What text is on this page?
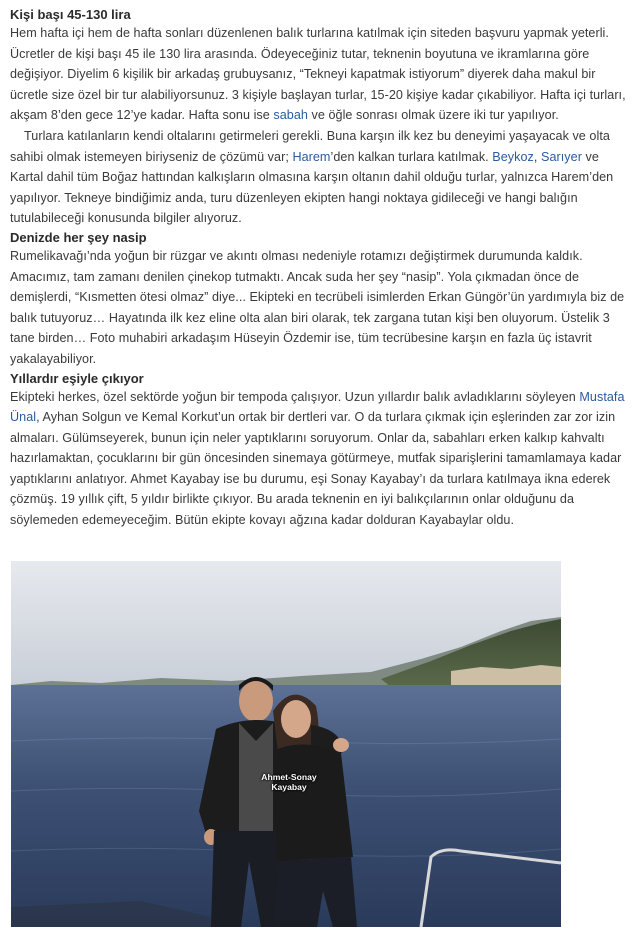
Kişi başı 45-130 lira

Hem hafta içi hem de hafta sonları düzenlenen balık turlarına katılmak için siteden başvuru yapmak yeterli. Ücretler de kişi başı 45 ile 130 lira arasında. Ödeyeceğiniz tutar, teknenin boyutuna ve ikramlarına göre değişiyor. Diyelim 6 kişilik bir arkadaş grubuysanız, “Tekneyi kapatmak istiyorum” diyerek daha makul bir ücretle size özel bir tur alabiliyorsunuz. 3 kişiyle başlayan turlar, 15-20 kişiye kadar çıkabiliyor. Hafta içi turları, akşam 8’den gece 12’ye kadar. Hafta sonu ise sabah ve öğle sonrası olmak üzere iki tur yapılıyor.

Turlara katılanların kendi oltalarını getirmeleri gerekli. Buna karşın ilk kez bu deneyimi yaşayacak ve olta sahibi olmak istemeyen biriyseniz de çözümü var; Harem’den kalkan turlara katılmak. Beykoz, Sarıyer ve Kartal dahil tüm Boğaz hattından kalkışların olmasına karşın oltanın dahil olduğu turlar, yalnızca Harem’den yapılıyor. Tekneye bindiğimiz anda, turu düzenleyen ekipten hangi noktaya gidileceği ve hangi balığın tutulabileceği konusunda bilgiler alıyoruz.

Denizde her şey nasip

Rumelikavağı’nda yoğun bir rüzgar ve akıntı olması nedeniyle rotamızı değiştirmek durumunda kaldık. Amacımız, tam zamanı denilen çinekop tutmaktı. Ancak suda her şey “nasip”. Yola çıkmadan önce de demişlerdi, “Kısmetten ötesi olmaz” diye... Ekipteki en tecrübeli isimlerden Erkan Güngör’ün yardımıyla biz de balık tutuyoruz… Hayatında ilk kez eline olta alan biri olarak, tek zargana tutan kişi ben oluyorum. Üstelik 3 tane birden… Foto muhabiri arkadaşım Hüseyin Özdemir ise, tüm tecrübesine karşın en fazla üç istavrit yakalayabiliyor.

Yıllardır eşiyle çıkıyor

Ekipteki herkes, özel sektörde yoğun bir tempoda çalışıyor. Uzun yıllardır balık avladıklarını söyleyen Mustafa Ünal, Ayhan Solgun ve Kemal Korkut’un ortak bir dertleri var. O da turlara çıkmak için eşlerinden zar zor izin almaları. Gülümseyerek, bunun için neler yaptıklarını soruyorum. Onlar da, sabahları erken kalkıp kahvaltı hazırlamaktan, çocuklarını bir gün öncesinden sinemaya götürmeye, mutfak siparişlerini tamamlamaya kadar yaptıklarını anlatıyor. Ahmet Kayabay ise bu durumu, eşi Sonay Kayabay’ı da turlara katılmaya ikna ederek çözmüş. 19 yıllık çift, 5 yıldır birlikte çıkıyor. Bu arada teknenin en iyi balıkçılarının onlar olduğunu da söylemeden edemeyeceğim. Bütün ekipte kovayı ağzına kadar dolduran Kayabaylar oldu.

Ahmet-Sonay
Kayabay
